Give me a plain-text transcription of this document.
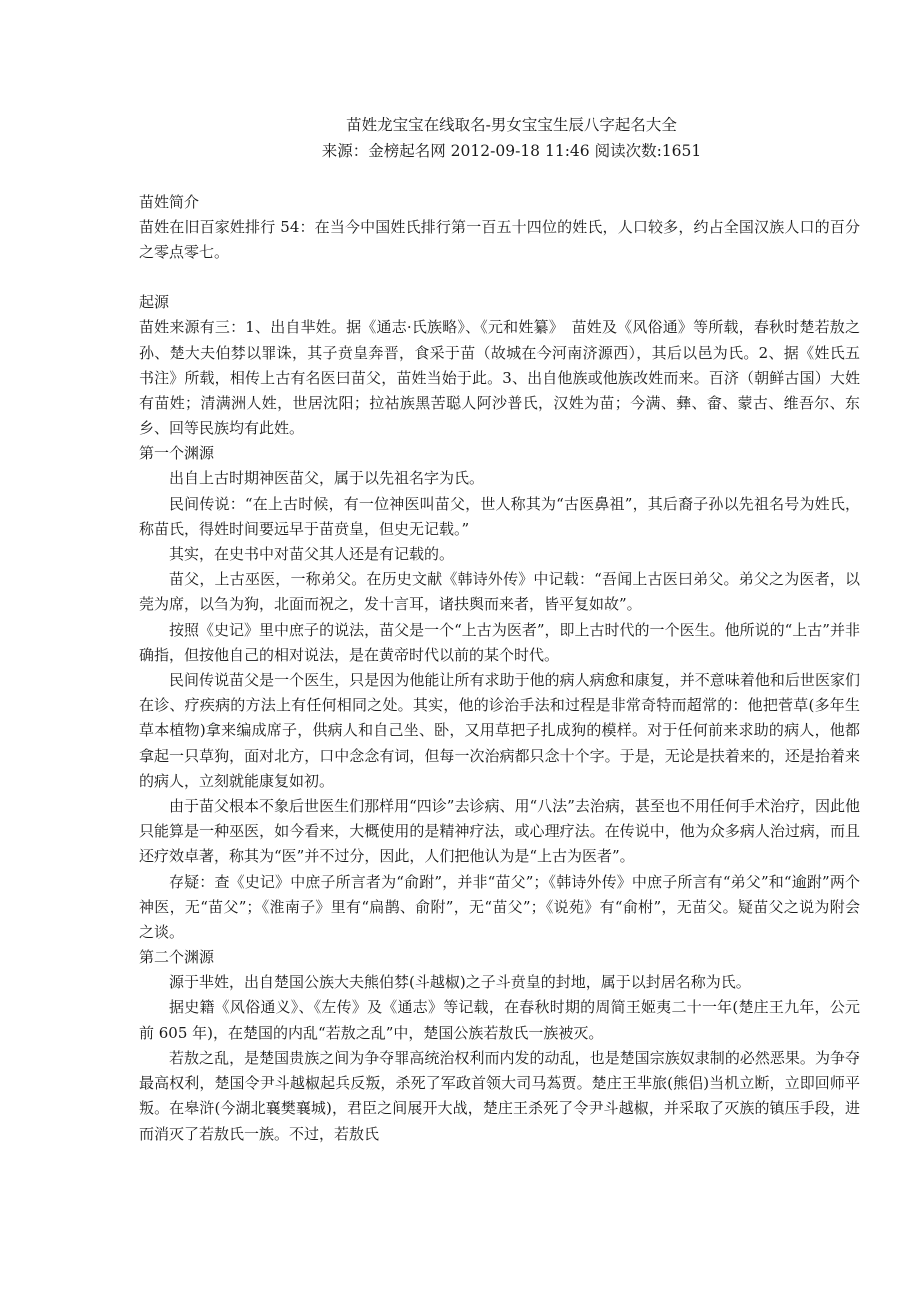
苗姓龙宝宝在线取名-男女宝宝生辰八字起名大全
来源：金榜起名网 2012-09-18 11:46 阅读次数:1651
苗姓简介

苗姓在旧百家姓排行 54：在当今中国姓氏排行第一百五十四位的姓氏，人口较多，约占全国汉族人口的百分之零点零七。

起源

苗姓来源有三：1、出自芈姓。据《通志·氏族略》、《元和姓纂》　苗姓及《风俗通》等所载，春秋时楚若敖之孙、楚大夫伯棼以罪诛，其子贲皇奔晋，食采于苗（故城在今河南济源西），其后以邑为氏。2、据《姓氏五书注》所载，相传上古有名医曰苗父，苗姓当始于此。3、出自他族或他族改姓而来。百济（朝鲜古国）大姓有苗姓；清满洲人姓，世居沈阳；拉祜族黑苦聪人阿沙普氏，汉姓为苗；今满、彝、畲、蒙古、维吾尔、东乡、回等民族均有此姓。

第一个渊源

出自上古时期神医苗父，属于以先祖名字为氏。

民间传说：“在上古时候，有一位神医叫苗父，世人称其为“古医鼻祖”，其后裔子孙以先祖名号为姓氏，称苗氏，得姓时间要远早于苗贲皇，但史无记载。”

其实，在史书中对苗父其人还是有记载的。

苗父，上古巫医，一称弟父。在历史文献《韩诗外传》中记载：“吾闻上古医曰弟父。弟父之为医者，以莞为席，以刍为狗，北面而祝之，发十言耳，诸扶舆而来者，皆平复如故”。

按照《史记》里中庶子的说法，苗父是一个“上古为医者”，即上古时代的一个医生。他所说的“上古”并非确指，但按他自己的相对说法，是在黄帝时代以前的某个时代。

民间传说苗父是一个医生，只是因为他能让所有求助于他的病人病愈和康复，并不意味着他和后世医家们在诊、疗疾病的方法上有任何相同之处。其实，他的诊治手法和过程是非常奇特而超常的：他把菅草(多年生草本植物)拿来编成席子，供病人和自己坐、卧，又用草把子扎成狗的模样。对于任何前来求助的病人，他都拿起一只草狗，面对北方，口中念念有词，但每一次治病都只念十个字。于是，无论是扶着来的，还是抬着来的病人，立刻就能康复如初。

由于苗父根本不象后世医生们那样用“四诊”去诊病、用“八法”去治病，甚至也不用任何手术治疗，因此他只能算是一种巫医，如今看来，大概使用的是精神疗法，或心理疗法。在传说中，他为众多病人治过病，而且还疗效卓著，称其为“医”并不过分，因此，人们把他认为是“上古为医者”。

存疑：查《史记》中庶子所言者为“俞跗”，并非“苗父”；《韩诗外传》中庶子所言有“弟父”和“逾跗”两个神医，无“苗父”；《淮南子》里有“扁鹊、俞附”，无“苗父”；《说苑》有“俞柎”，无苗父。疑苗父之说为附会之谈。

第二个渊源

源于芈姓，出自楚国公族大夫熊伯棼(斗越椒)之子斗贲皇的封地，属于以封居名称为氏。

据史籍《风俗通义》、《左传》及《通志》等记载，在春秋时期的周简王姬夷二十一年(楚庄王九年，公元前 605 年)，在楚国的内乱“若敖之乱”中，楚国公族若敖氏一族被灭。

若敖之乱，是楚国贵族之间为争夺罪高统治权利而内发的动乱，也是楚国宗族奴隶制的必然恶果。为争夺最高权利，楚国令尹斗越椒起兵反叛，杀死了军政首领大司马蒍贾。楚庄王芈旅(熊侣)当机立断，立即回师平叛。在皋浒(今湖北襄樊襄城)，君臣之间展开大战，楚庄王杀死了令尹斗越椒，并采取了灭族的镇压手段，进而消灭了若敖氏一族。不过，若敖氏
